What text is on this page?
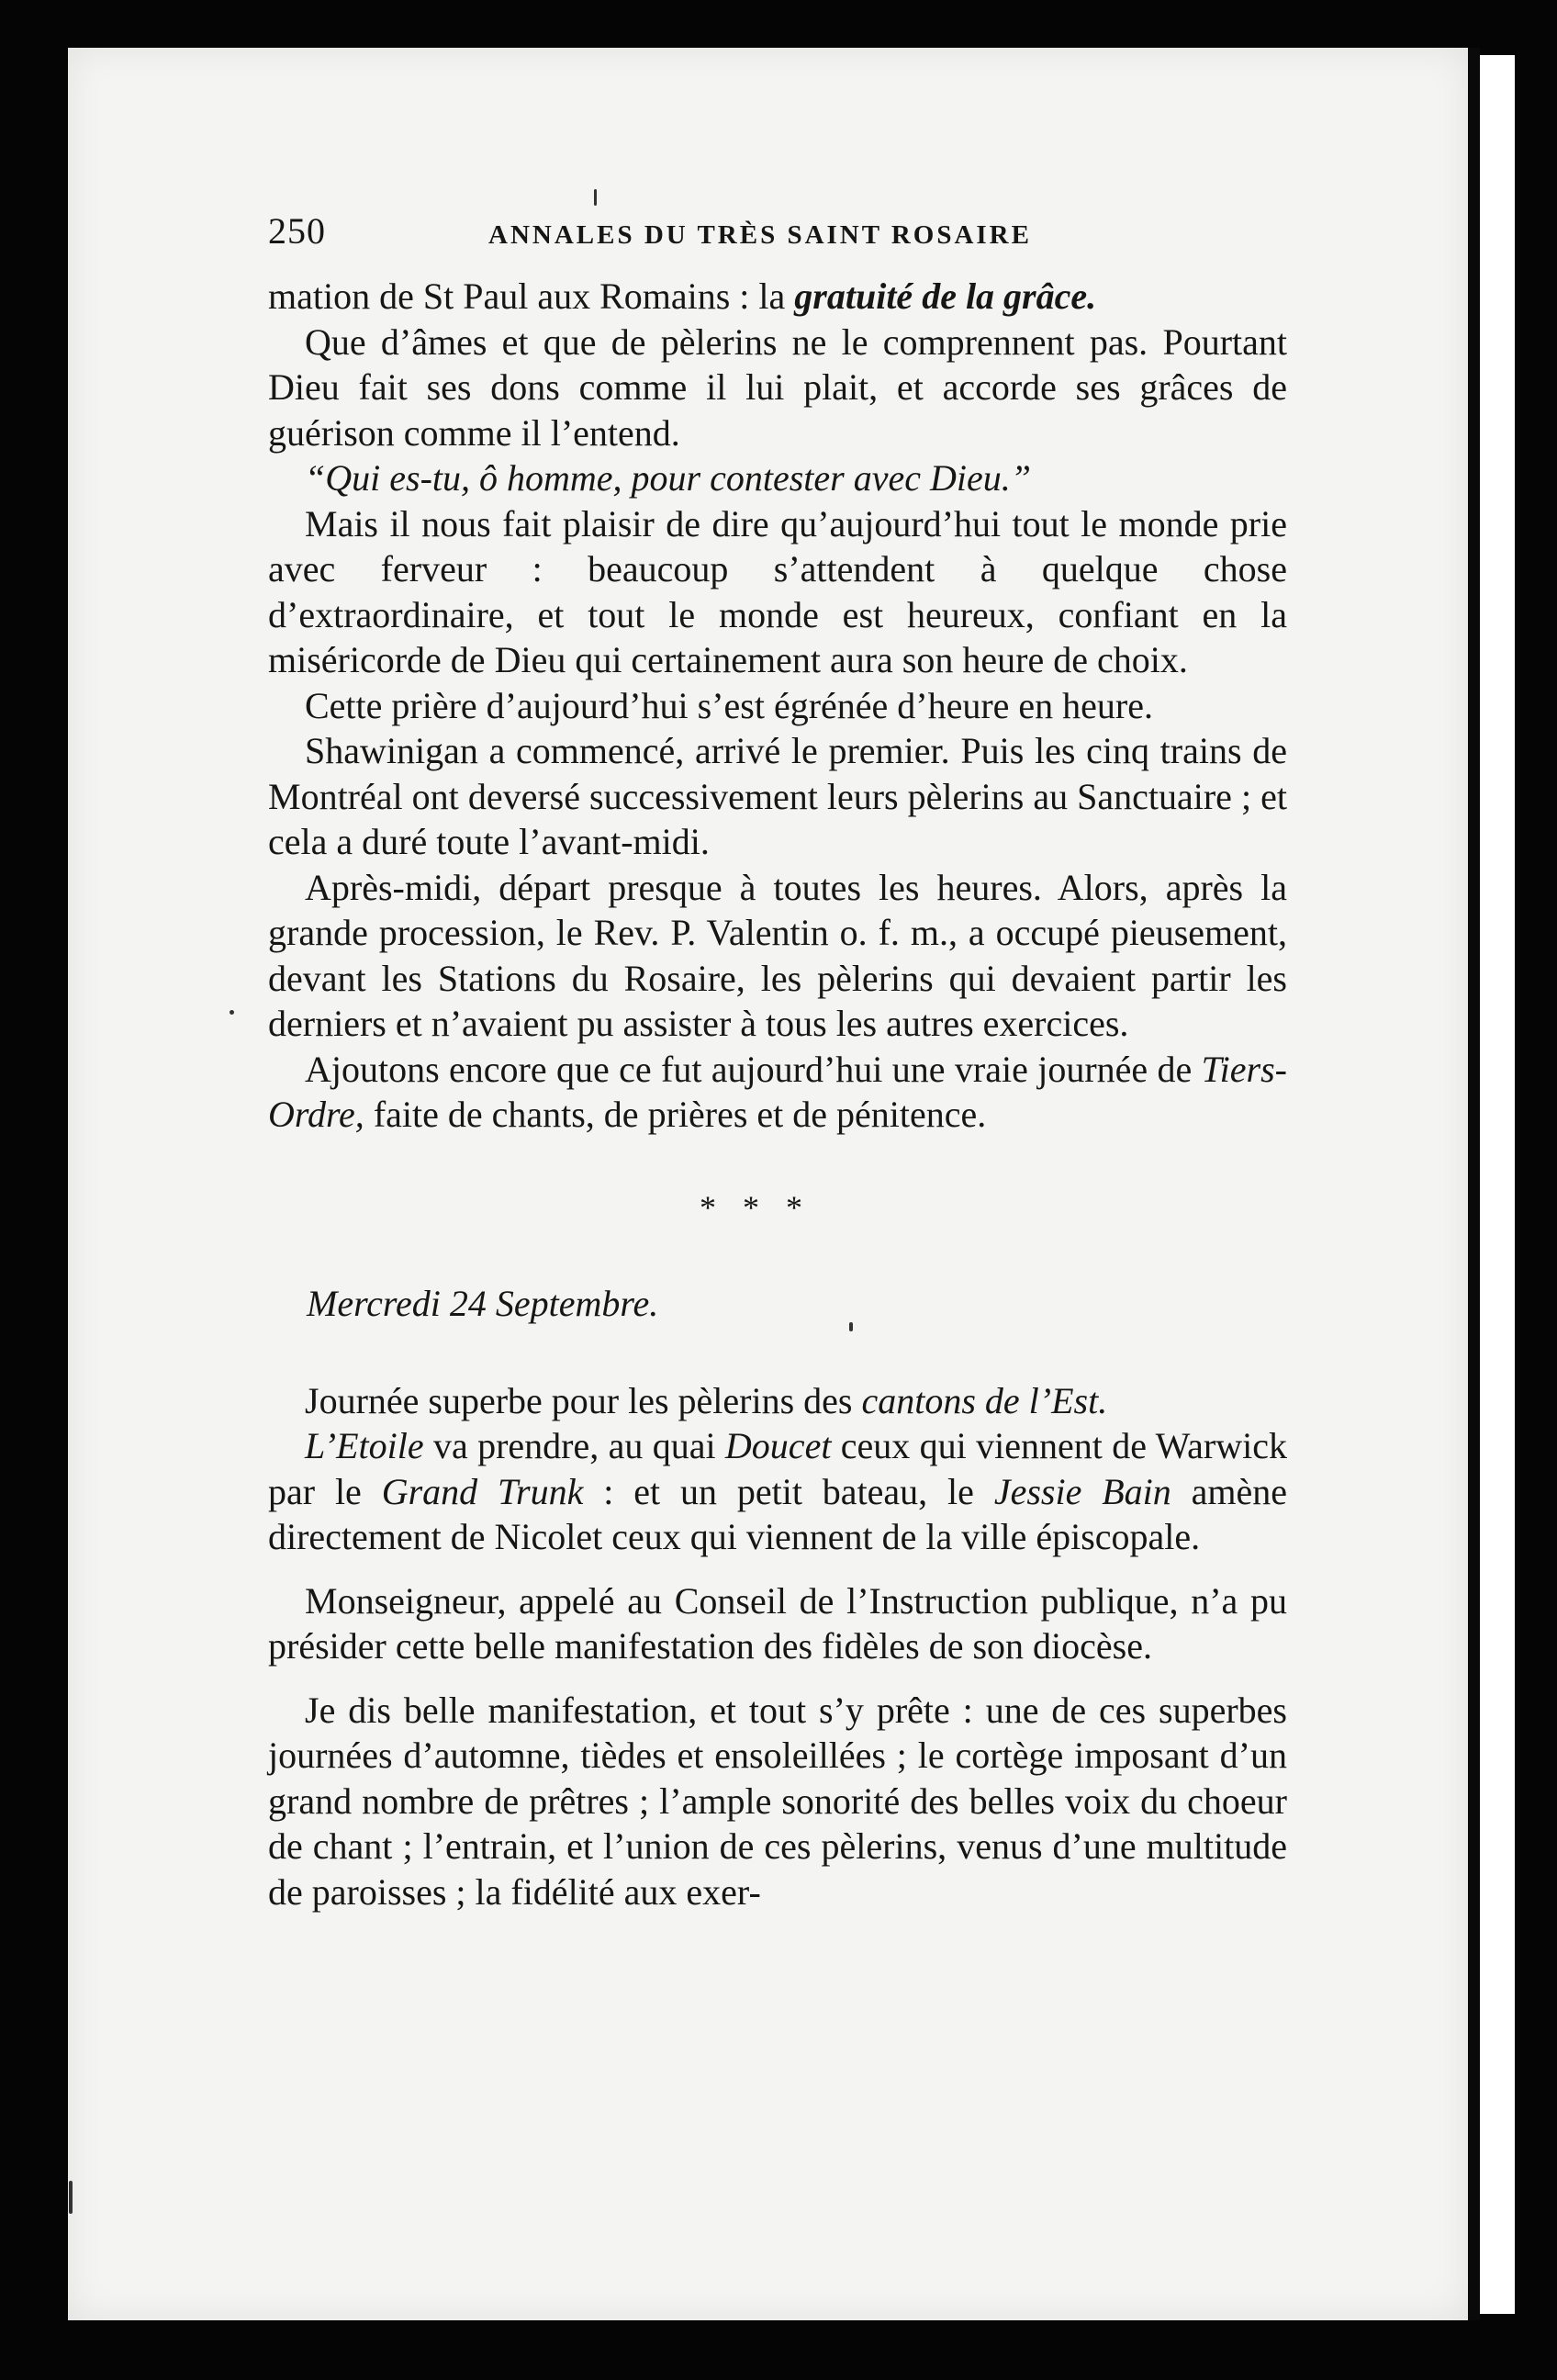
250	ANNALES DU TRÈS SAINT ROSAIRE

mation de St Paul aux Romains : la gratuité de la grâce.

Que d’âmes et que de pèlerins ne le comprennent pas. Pourtant Dieu fait ses dons comme il lui plait, et accorde ses grâces de guérison comme il l’entend.

“Qui es-tu, ô homme, pour contester avec Dieu.”

Mais il nous fait plaisir de dire qu’aujourd’hui tout le monde prie avec ferveur : beaucoup s’attendent à quelque chose d’extraordinaire, et tout le monde est heureux, confiant en la miséricorde de Dieu qui certainement aura son heure de choix.

Cette prière d’aujourd’hui s’est égrénée d’heure en heure.

Shawinigan a commencé, arrivé le premier. Puis les cinq trains de Montréal ont deversé successivement leurs pèlerins au Sanctuaire ; et cela a duré toute l’avant-midi.

Après-midi, départ presque à toutes les heures. Alors, après la grande procession, le Rev. P. Valentin o. f. m., a occupé pieusement, devant les Stations du Rosaire, les pèlerins qui devaient partir les derniers et n’avaient pu assister à tous les autres exercices.

Ajoutons encore que ce fut aujourd’hui une vraie journée de Tiers-Ordre, faite de chants, de prières et de pénitence.

* * *
Mercredi 24 Septembre.

Journée superbe pour les pèlerins des cantons de l’Est.

L’Etoile va prendre, au quai Doucet ceux qui viennent de Warwick par le Grand Trunk : et un petit bateau, le Jessie Bain amène directement de Nicolet ceux qui viennent de la ville épiscopale.

Monseigneur, appelé au Conseil de l’Instruction publique, n’a pu présider cette belle manifestation des fidèles de son diocèse.

Je dis belle manifestation, et tout s’y prête : une de ces superbes journées d’automne, tièdes et ensoleillées ; le cortège imposant d’un grand nombre de prêtres ; l’ample sonorité des belles voix du choeur de chant ; l’entrain, et l’union de ces pèlerins, venus d’une multitude de paroisses ; la fidélité aux exer-
